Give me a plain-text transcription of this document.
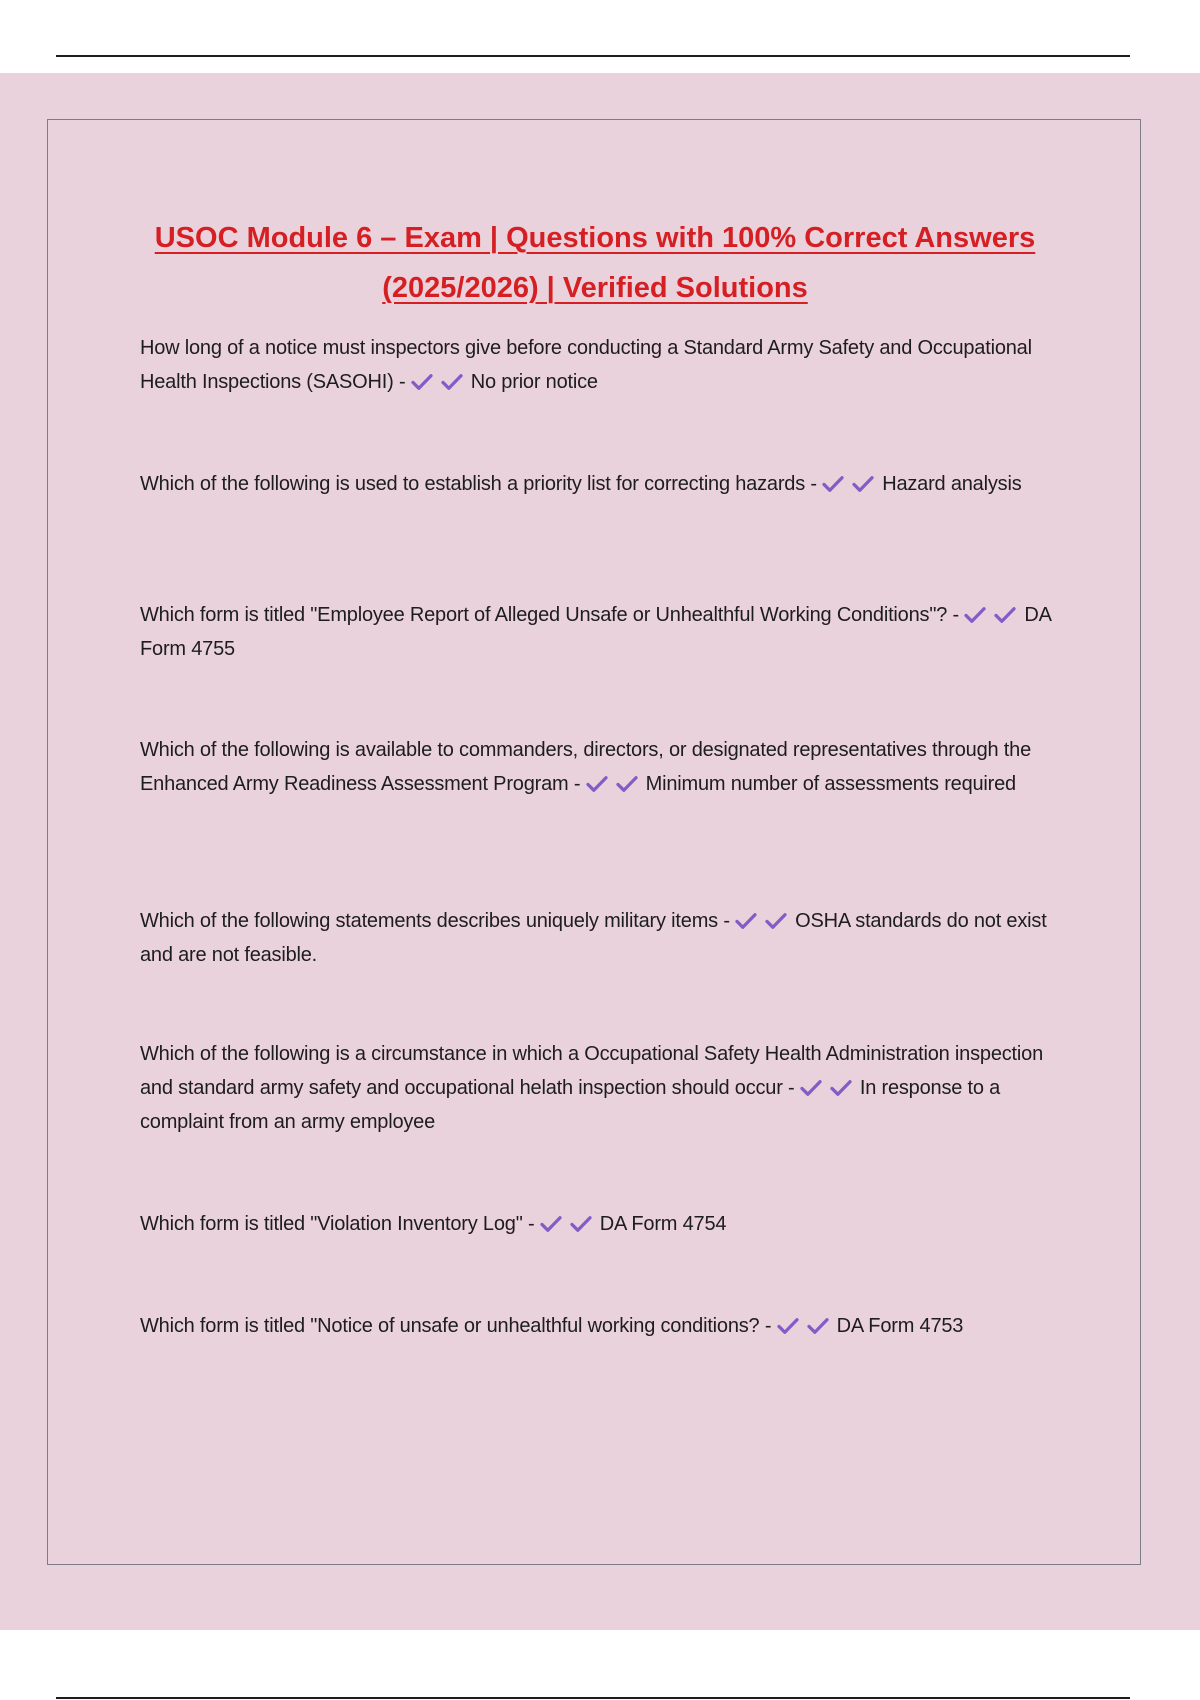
USOC Module 6 – Exam | Questions with 100% Correct Answers (2025/2026) | Verified Solutions

How long of a notice must inspectors give before conducting a Standard Army Safety and Occupational Health Inspections (SASOHI) -	No prior notice

Which of the following is used to establish a priority list for correcting hazards -	Hazard analysis

Which form is titled "Employee Report of Alleged Unsafe or Unhealthful Working Conditions"? -	DA Form 4755

Which of the following is available to commanders, directors, or designated representatives through the Enhanced Army Readiness Assessment Program -	Minimum number of assessments required

Which of the following statements describes uniquely military items -	OSHA standards do not exist and are not feasible.

Which of the following is a circumstance in which a Occupational Safety Health Administration inspection and standard army safety and occupational helath inspection should occur -	In response to a complaint from an army employee

Which form is titled "Violation Inventory Log" -	DA Form 4754

Which form is titled "Notice of unsafe or unhealthful working conditions? -	DA Form 4753
